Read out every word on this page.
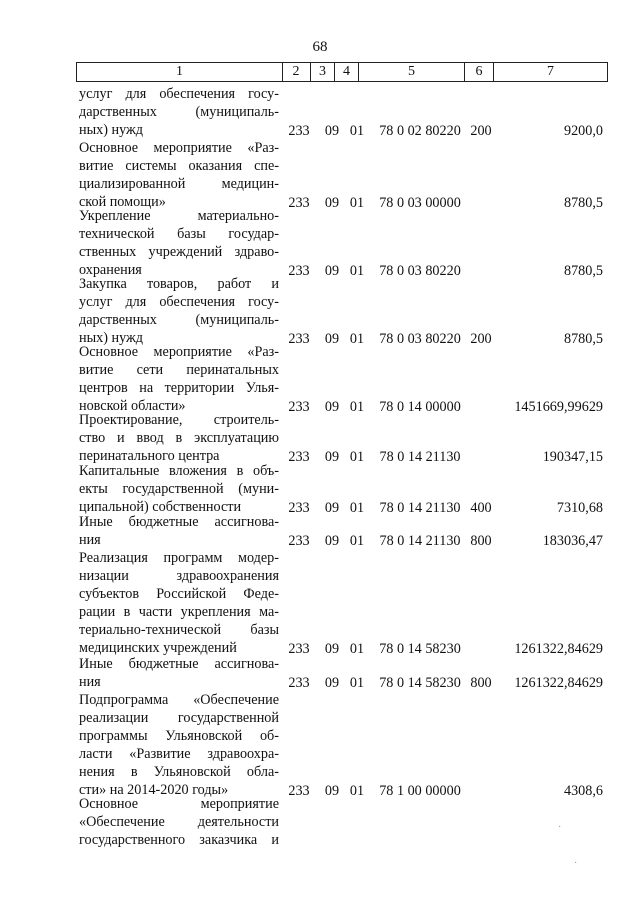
68
1	2	3	4	5	6	7
услуг для обеспечения госу-
дарственных (муниципаль-
ных) нужд	233	09 01	78 0 02 80220 200	9200,0
Основное мероприятие «Раз-
витие системы оказания спе-
циализированной медицин-
ской помощи»	233	09 01	78 0 03 00000	8780,5
Укрепление материально-
технической базы государ-
ственных учреждений здраво-
охранения	233	09 01	78 0 03 80220	8780,5
Закупка товаров, работ и
услуг для обеспечения госу-
дарственных (муниципаль-
ных) нужд	233	09 01	78 0 03 80220 200	8780,5
Основное мероприятие «Раз-
витие сети перинатальных
центров на территории Улья-
новской области»	233	09 01	78 0 14 00000	1451669,99629
Проектирование, строитель-
ство и ввод в эксплуатацию
перинатального центра	233	09 01	78 0 14 21130	190347,15
Капитальные вложения в объ-
екты государственной (муни-
ципальной) собственности	233	09 01	78 0 14 21130 400	7310,68
Иные бюджетные ассигнова-
ния	233	09 01	78 0 14 21130 800	183036,47
Реализация программ модер-
низации здравоохранения
субъектов Российской Феде-
рации в части укрепления ма-
териально-технической базы
медицинских учреждений	233	09 01	78 0 14 58230	1261322,84629
Иные бюджетные ассигнова-
ния	233	09 01	78 0 14 58230 800	1261322,84629
Подпрограмма «Обеспечение
реализации государственной
программы Ульяновской об-
ласти «Развитие здравоохра-
нения в Ульяновской обла-
сти» на 2014-2020 годы»	233	09 01	78 1 00 00000	4308,6
Основное мероприятие
«Обеспечение деятельности
государственного заказчика и
·
·
